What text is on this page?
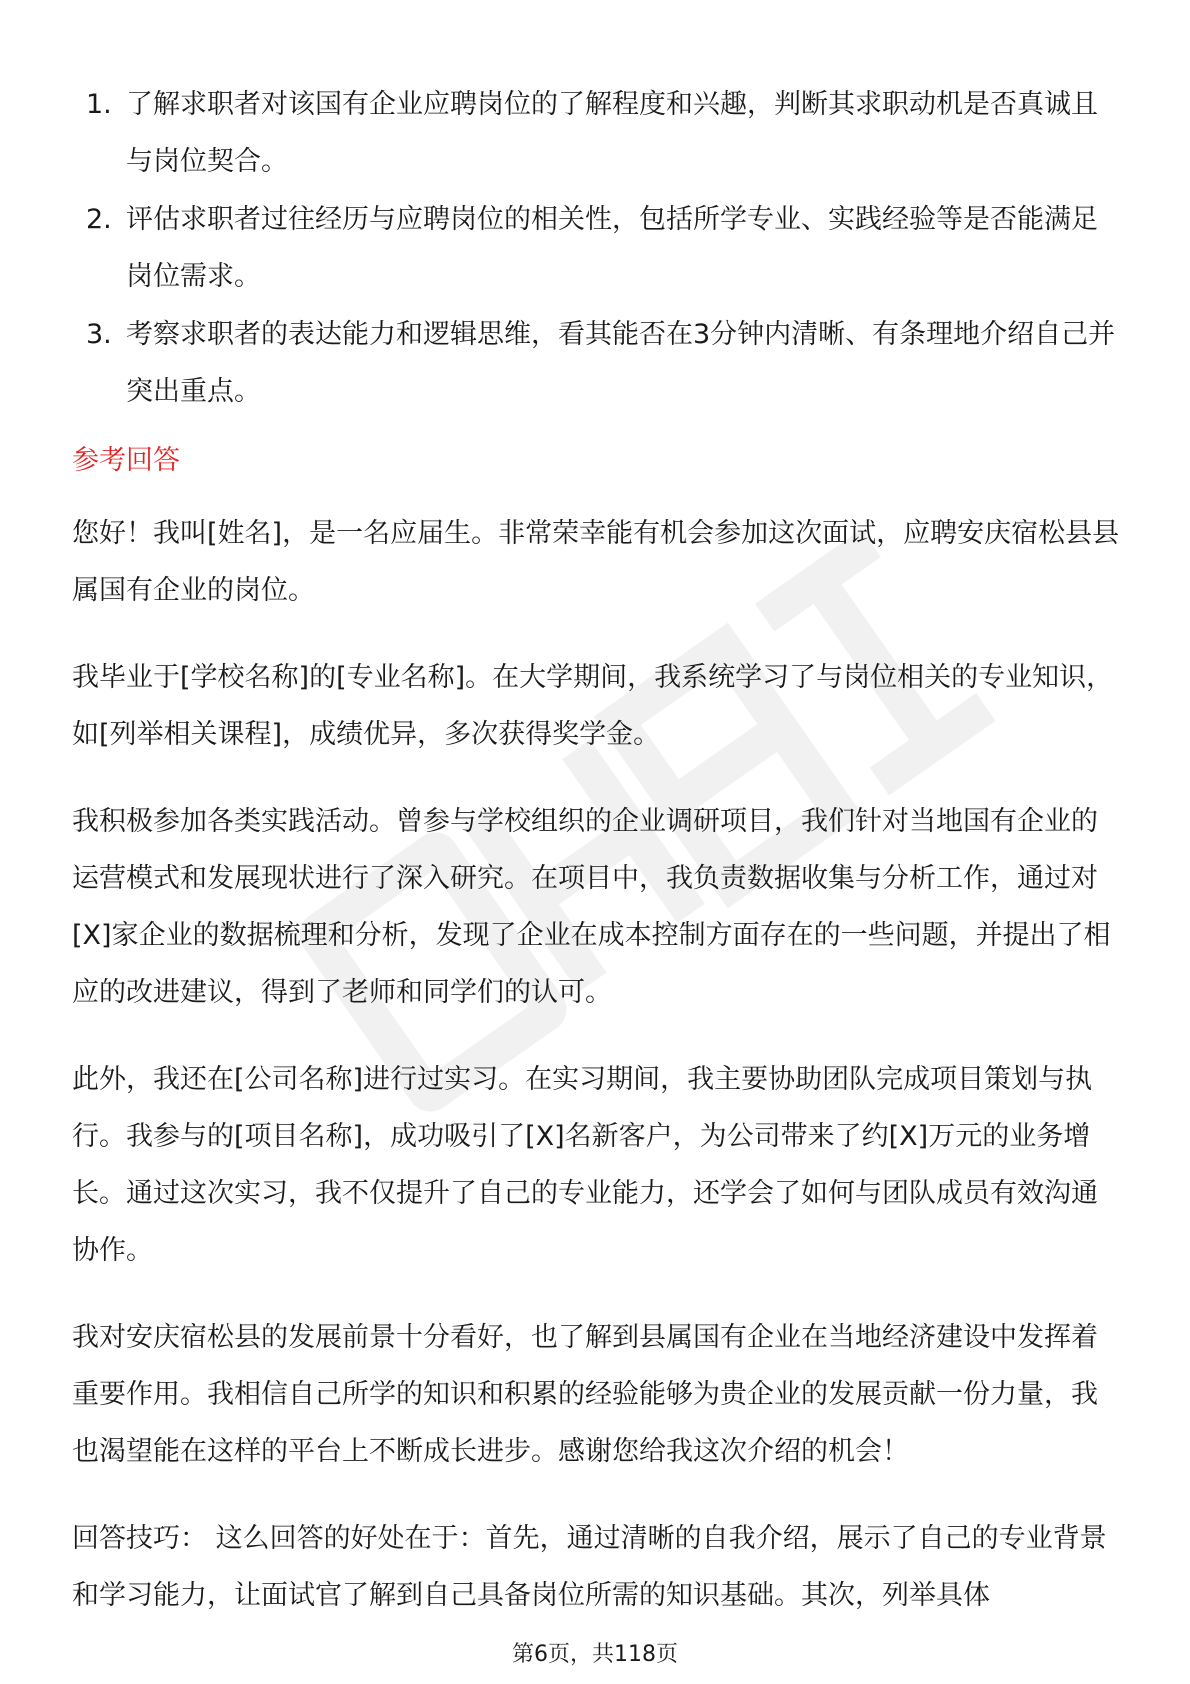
1. 了解求职者对该国有企业应聘岗位的了解程度和兴趣，判断其求职动机是否真诚且与岗位契合。
2. 评估求职者过往经历与应聘岗位的相关性，包括所学专业、实践经验等是否能满足岗位需求。
3. 考察求职者的表达能力和逻辑思维，看其能否在3分钟内清晰、有条理地介绍自己并突出重点。
参考回答

您好！我叫[姓名]，是一名应届生。非常荣幸能有机会参加这次面试，应聘安庆宿松县县属国有企业的岗位。

我毕业于[学校名称]的[专业名称]。在大学期间，我系统学习了与岗位相关的专业知识，如[列举相关课程]，成绩优异，多次获得奖学金。

我积极参加各类实践活动。曾参与学校组织的企业调研项目，我们针对当地国有企业的运营模式和发展现状进行了深入研究。在项目中，我负责数据收集与分析工作，通过对[X]家企业的数据梳理和分析，发现了企业在成本控制方面存在的一些问题，并提出了相应的改进建议，得到了老师和同学们的认可。

此外，我还在[公司名称]进行过实习。在实习期间，我主要协助团队完成项目策划与执行。我参与的[项目名称]，成功吸引了[X]名新客户，为公司带来了约[X]万元的业务增长。通过这次实习，我不仅提升了自己的专业能力，还学会了如何与团队成员有效沟通协作。

我对安庆宿松县的发展前景十分看好，也了解到县属国有企业在当地经济建设中发挥着重要作用。我相信自己所学的知识和积累的经验能够为贵企业的发展贡献一份力量，我也渴望能在这样的平台上不断成长进步。感谢您给我这次介绍的机会！

回答技巧： 这么回答的好处在于：首先，通过清晰的自我介绍，展示了自己的专业背景和学习能力，让面试官了解到自己具备岗位所需的知识基础。其次，列举具体

第6页，共118页
